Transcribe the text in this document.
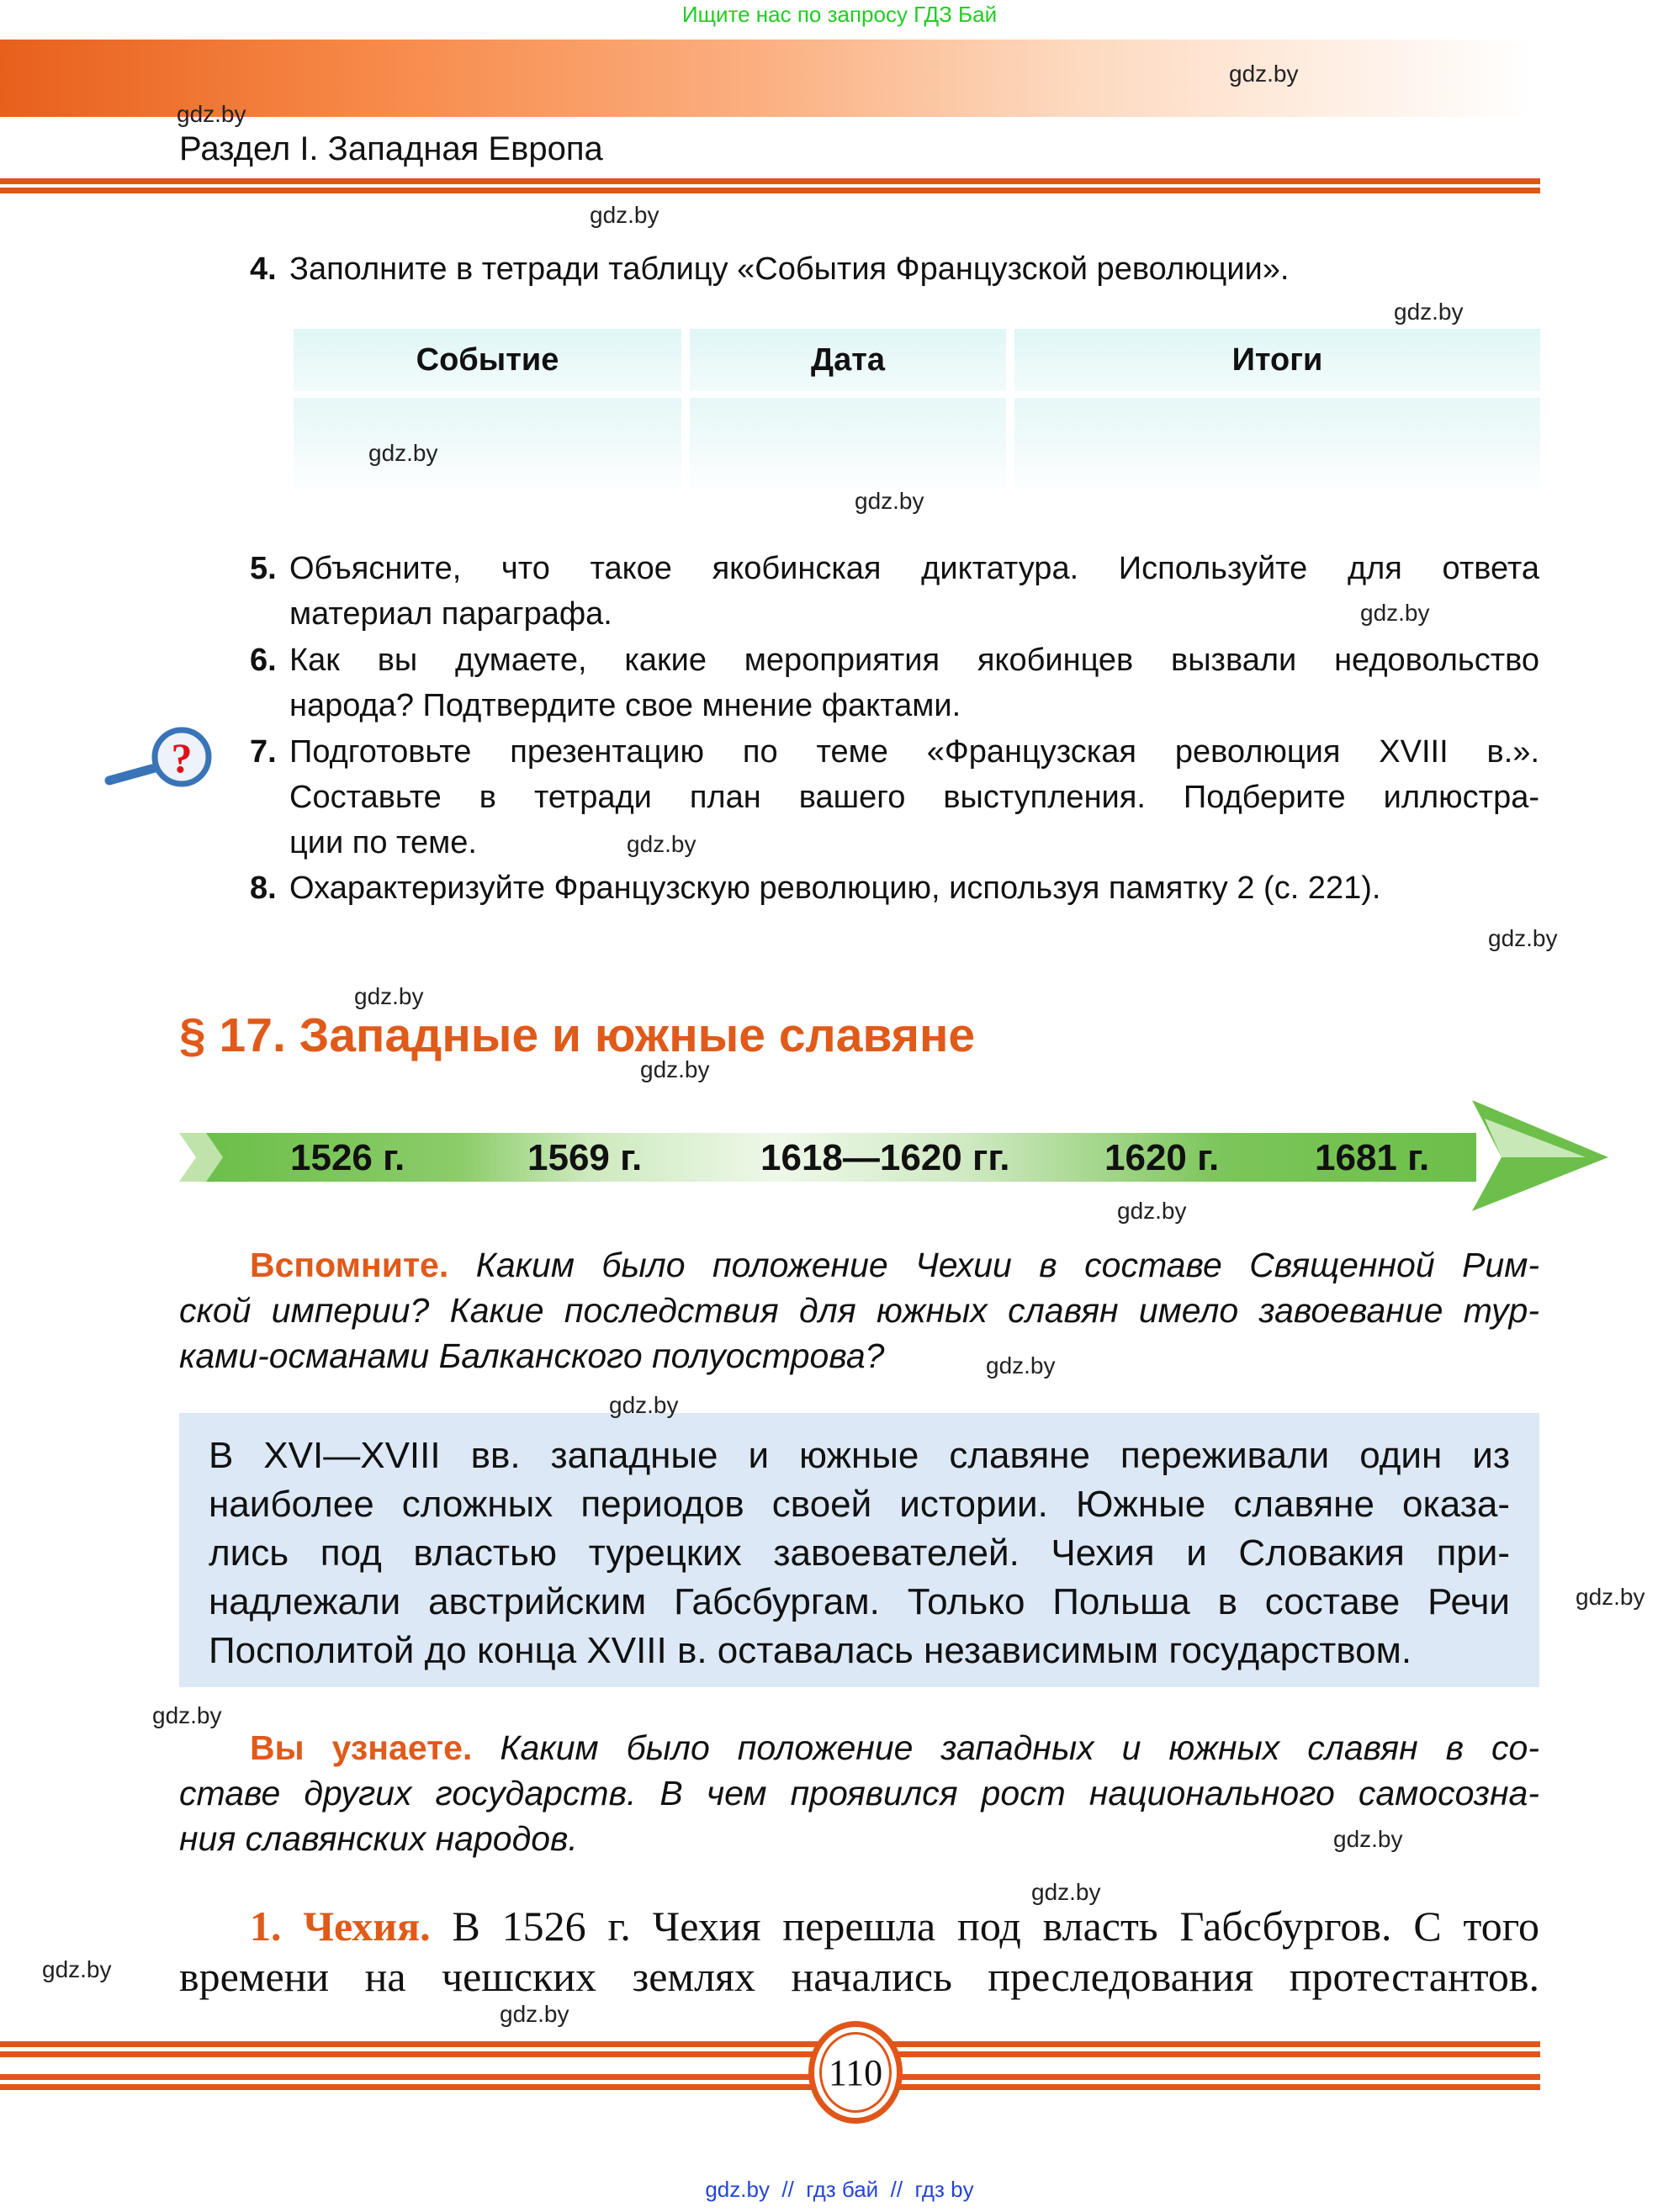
Ищите нас по запросу ГДЗ Бай
Раздел I. Западная Европа
4. Заполните в тетради таблицу «События Французской революции».
Событие	Дата	Итоги
5. Объясните, что такое якобинская диктатура. Используйте для ответа
материал параграфа.
6. Как вы думаете, какие мероприятия якобинцев вызвали недовольство
народа? Подтвердите свое мнение фактами.
7. Подготовьте презентацию по теме «Французская революция XVIII в.».
Составьте в тетради план вашего выступления. Подберите иллюстра-
ции по теме.
8. Охарактеризуйте Французскую революцию, используя памятку 2 (с. 221).
?
§ 17. Западные и южные славяне
1526 г.	1569 г.	1618—1620 гг.	1620 г.	1681 г.
Вспомните. Каким было положение Чехии в составе Священной Рим-
ской империи? Какие последствия для южных славян имело завоевание тур-
ками-османами Балканского полуострова?
В XVI—XVIII вв. западные и южные славяне переживали один из
наиболее сложных периодов своей истории. Южные славяне оказа-
лись под властью турецких завоевателей. Чехия и Словакия при-
надлежали австрийским Габсбургам. Только Польша в составе Речи
Посполитой до конца XVIII в. оставалась независимым государством.
Вы узнаете. Каким было положение западных и южных славян в со-
ставе других государств. В чем проявился рост национального самосозна-
ния славянских народов.
1. Чехия. В 1526 г. Чехия перешла под власть Габсбургов. С того
времени на чешских землях начались преследования протестантов.
110
gdz.by  //  гдз бай  //  гдз by
gdz.by
gdz.by
gdz.by
gdz.by
gdz.by
gdz.by
gdz.by
gdz.by
gdz.by
gdz.by
gdz.by
gdz.by
gdz.by
gdz.by
gdz.by
gdz.by
gdz.by
gdz.by
gdz.by
gdz.by
